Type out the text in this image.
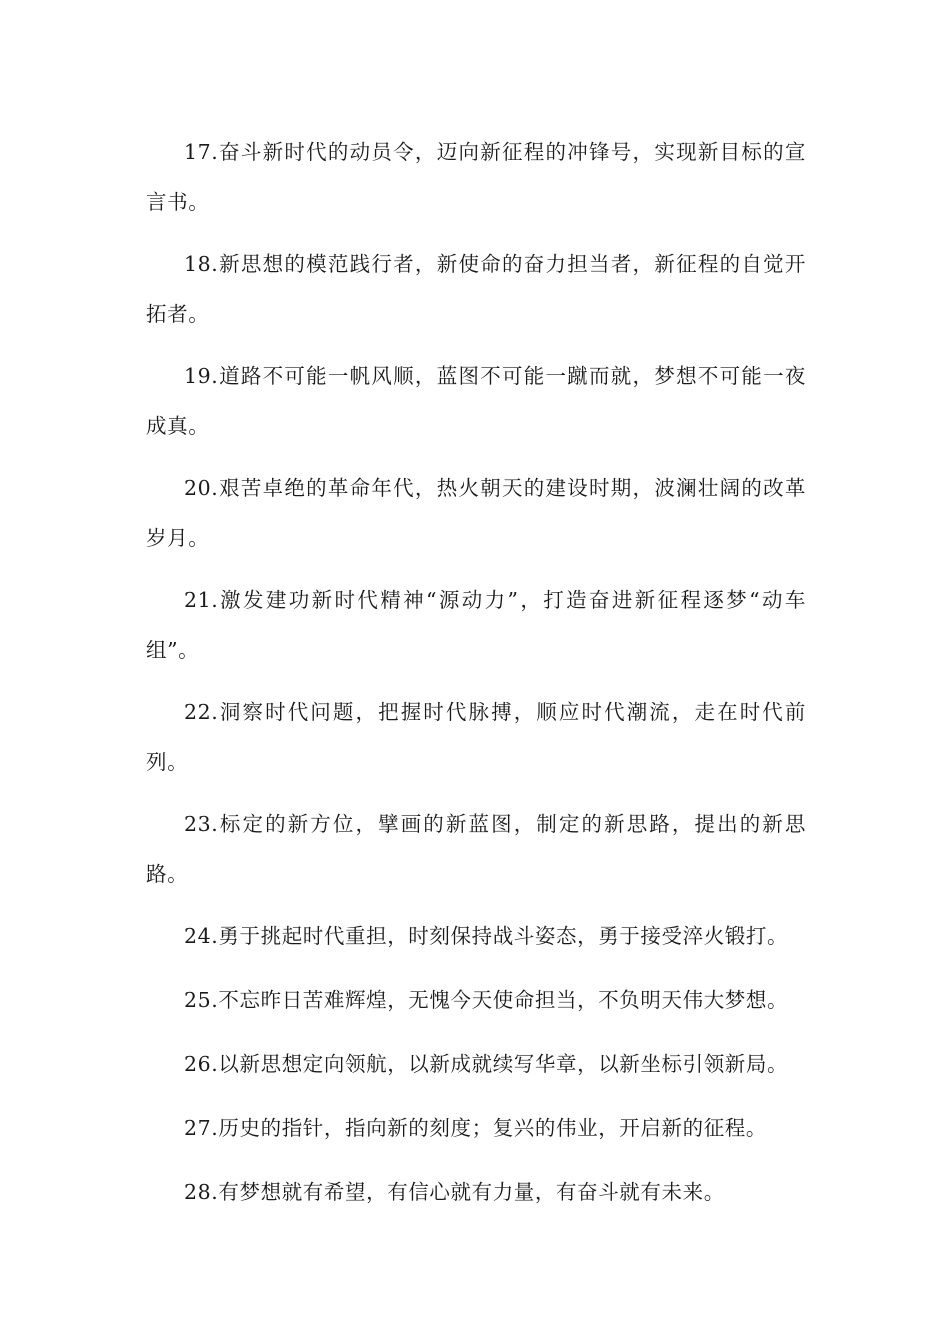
17.奋斗新时代的动员令，迈向新征程的冲锋号，实现新目标的宣言书。

18.新思想的模范践行者，新使命的奋力担当者，新征程的自觉开拓者。

19.道路不可能一帆风顺，蓝图不可能一蹴而就，梦想不可能一夜成真。

20.艰苦卓绝的革命年代，热火朝天的建设时期，波澜壮阔的改革岁月。

21.激发建功新时代精神“源动力”，打造奋进新征程逐梦“动车组”。

22.洞察时代问题，把握时代脉搏，顺应时代潮流，走在时代前列。

23.标定的新方位，擘画的新蓝图，制定的新思路，提出的新思路。

24.勇于挑起时代重担，时刻保持战斗姿态，勇于接受淬火锻打。

25.不忘昨日苦难辉煌，无愧今天使命担当，不负明天伟大梦想。

26.以新思想定向领航，以新成就续写华章，以新坐标引领新局。

27.历史的指针，指向新的刻度；复兴的伟业，开启新的征程。

28.有梦想就有希望，有信心就有力量，有奋斗就有未来。
